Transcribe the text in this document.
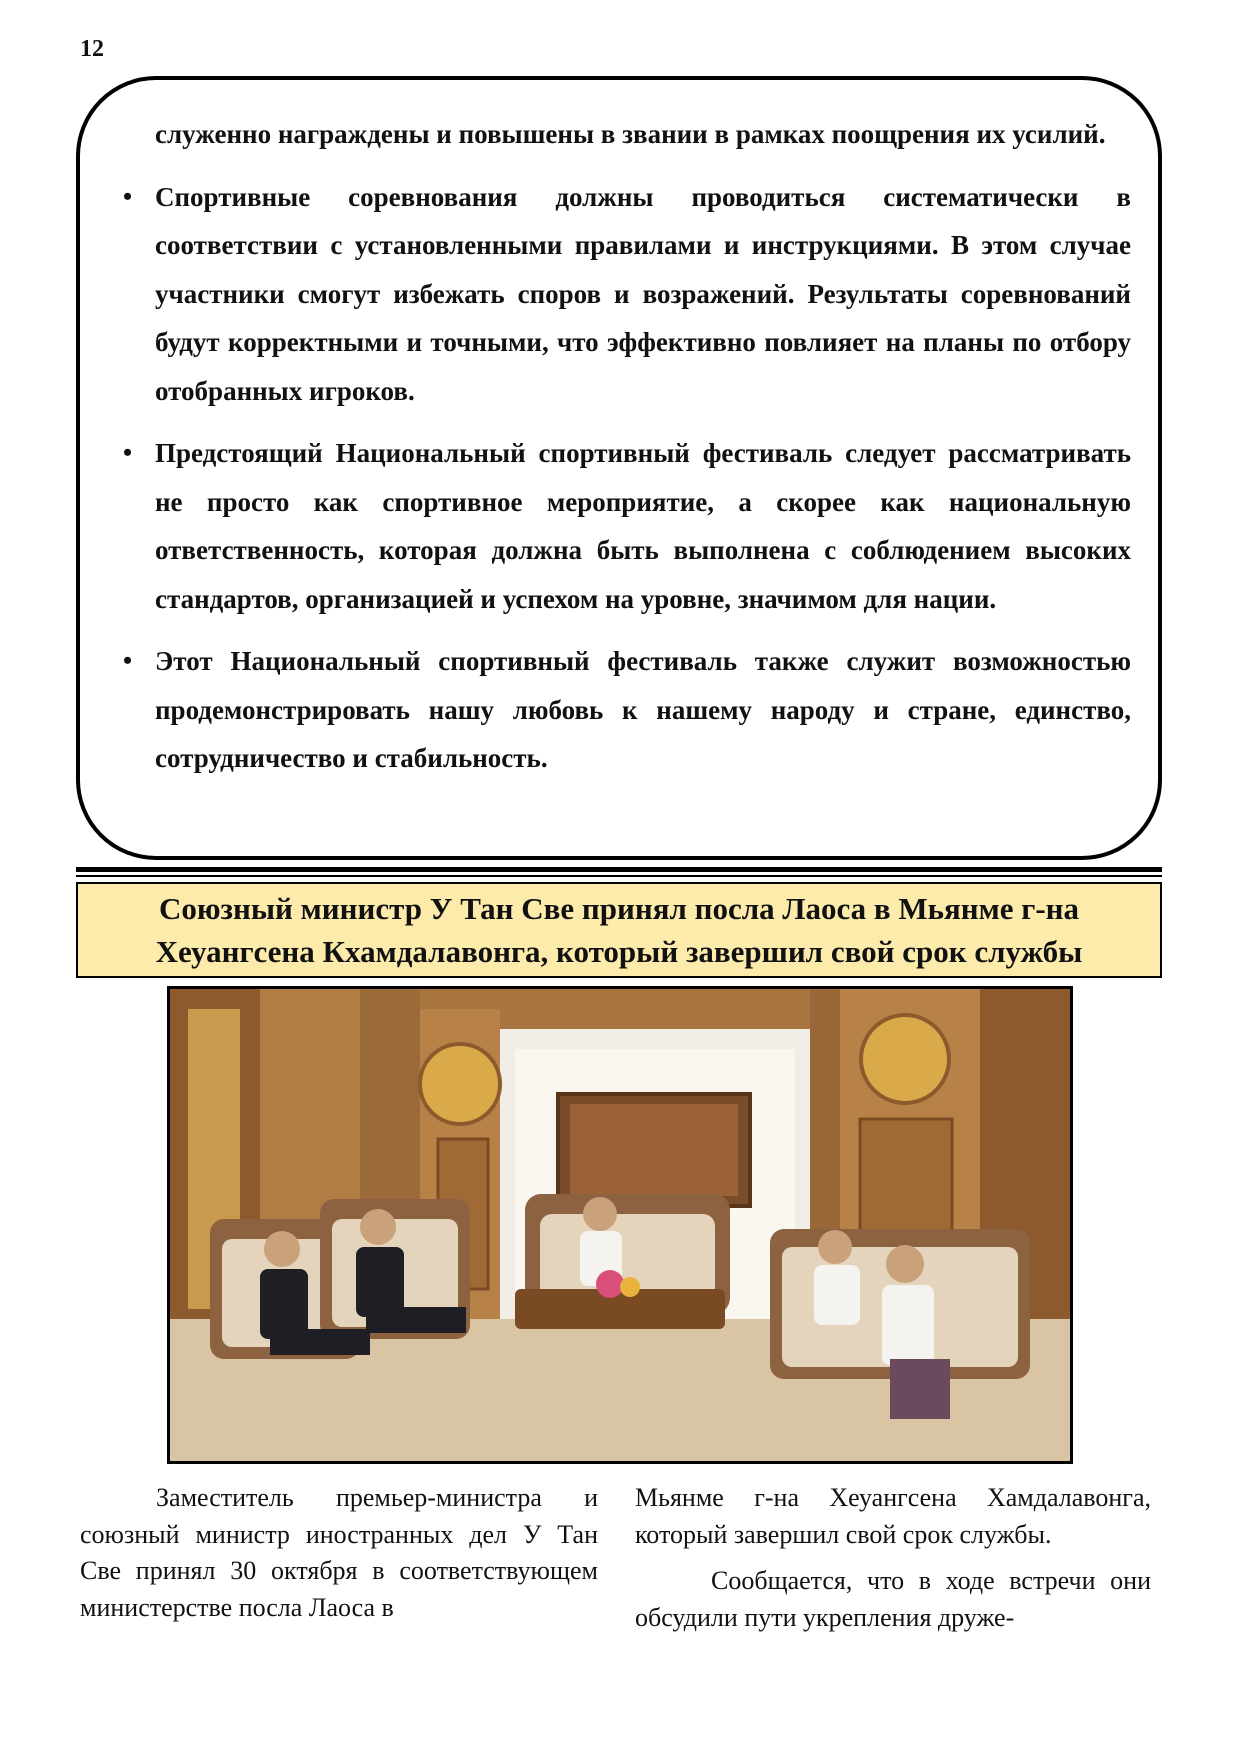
12

служенно награждены и повышены в звании в рамках поощрения их усилий.

• Спортивные соревнования должны проводиться систематически в соответствии с установленными правилами и инструкциями. В этом случае участники смогут избежать споров и возражений. Результаты соревнований будут корректными и точными, что эффективно повлияет на планы по отбору отобранных игроков.
• Предстоящий Национальный спортивный фестиваль следует рассматривать не просто как спортивное мероприятие, а скорее как национальную ответственность, которая должна быть выполнена с соблюдением высоких стандартов, организацией и успехом на уровне, значимом для нации.
• Этот Национальный спортивный фестиваль также служит возможностью продемонстрировать нашу любовь к нашему народу и стране, единство, сотрудничество и стабильность.
Союзный министр У Тан Све принял посла Лаоса в Мьянме г-на Хеуангсена Кхамдалавонга, который завершил свой срок службы

Заместитель премьер-министра и союзный министр иностранных дел У Тан Све принял 30 октября в соответствующем министерстве посла Лаоса в

Мьянме г-на Хеуангсена Хамдалавонга, который завершил свой срок службы.

Сообщается, что в ходе встречи они обсудили пути укрепления друже-
